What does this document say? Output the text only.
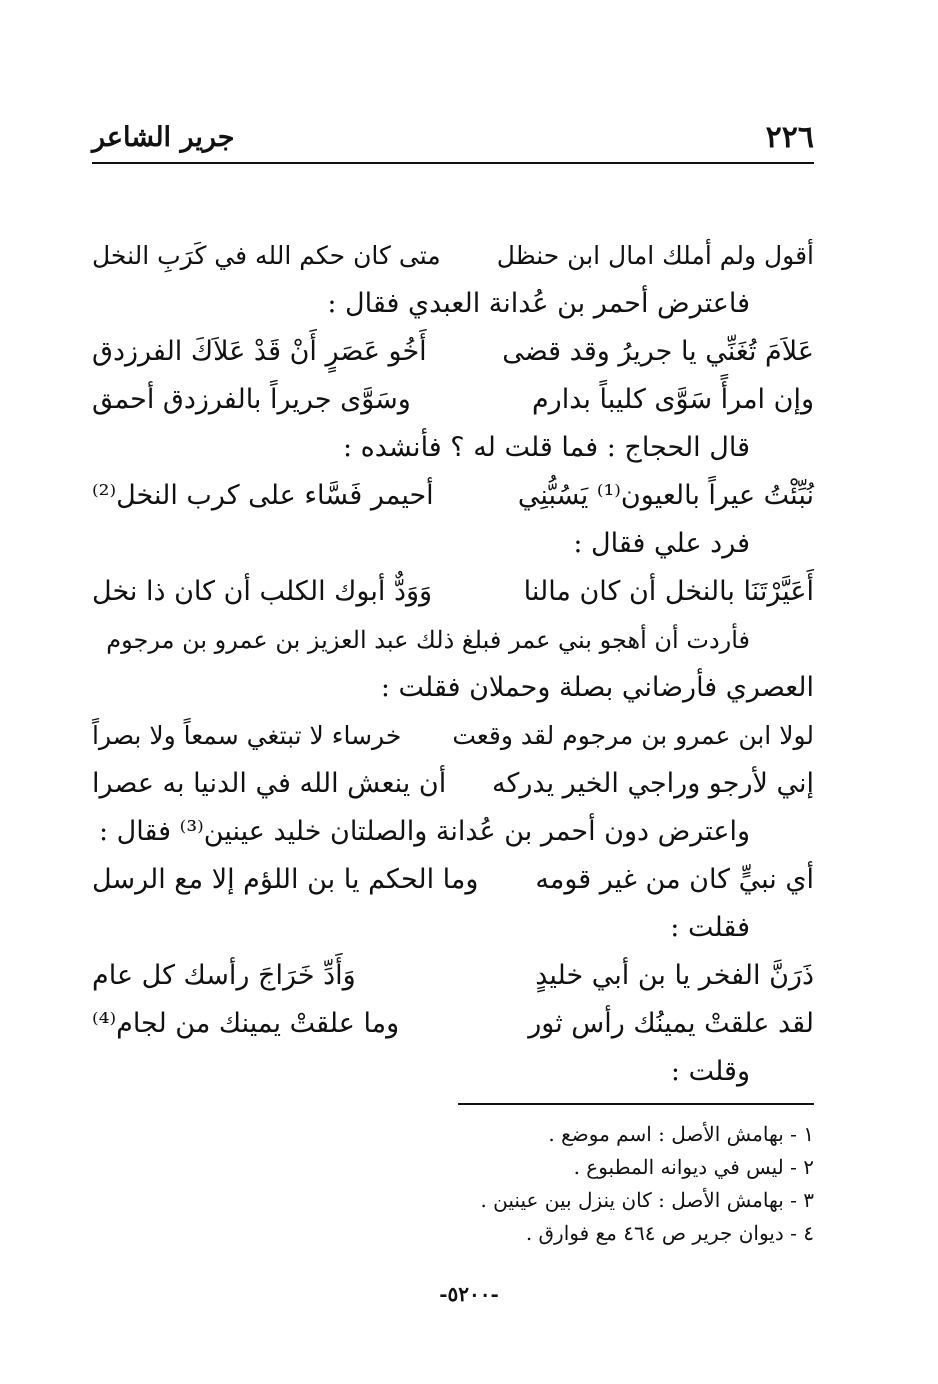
٢٢٦
جرير الشاعر
أقول ولم أملك امال ابن حنظل
متى كان حكم الله في كَرَبِ النخل
فاعترض أحمر بن عُدانة العبدي فقال :
عَلاَمَ تُغَنِّي يا جريرُ وقد قضى
أَخُو عَصَرٍ أَنْ قَدْ عَلاَكَ الفرزدق
وإن امرأً سَوَّى كليباً بدارم
وسَوَّى جريراً بالفرزدق أحمق
قال الحجاج : فما قلت له ؟ فأنشده :
نُبِّئْتُ عيراً بالعيون⁽¹⁾ يَسُبُّنِي
أحيمر فَسَّاء على كرب النخل⁽²⁾
فرد علي فقال :
أَعَيَّرْتَنَا بالنخل أن كان مالنا
وَوَدٌّ أبوك الكلب أن كان ذا نخل
فأردت أن أهجو بني عمر فبلغ ذلك عبد العزيز بن عمرو بن مرجوم
العصري فأرضاني بصلة وحملان فقلت :
لولا ابن عمرو بن مرجوم لقد وقعت
خرساء لا تبتغي سمعاً ولا بصراً
إني لأرجو وراجي الخير يدركه
أن ينعش الله في الدنيا به عصرا
واعترض دون أحمر بن عُدانة والصلتان خليد عينين⁽³⁾ فقال :
أي نبيٍّ كان من غير قومه
وما الحكم يا بن اللؤم إلا مع الرسل
فقلت :
ذَرَنَّ الفخر يا بن أبي خليدٍ
وَأَدِّ خَرَاجَ رأسك كل عام
لقد علقتْ يمينُك رأس ثور
وما علقتْ يمينك من لجام⁽⁴⁾
وقلت :
١ - بهامش الأصل : اسم موضع .
٢ - ليس في ديوانه المطبوع .
٣ - بهامش الأصل : كان ينزل بين عينين .
٤ - ديوان جرير ص ٤٦٤ مع فوارق .
-٥٢٠٠-
